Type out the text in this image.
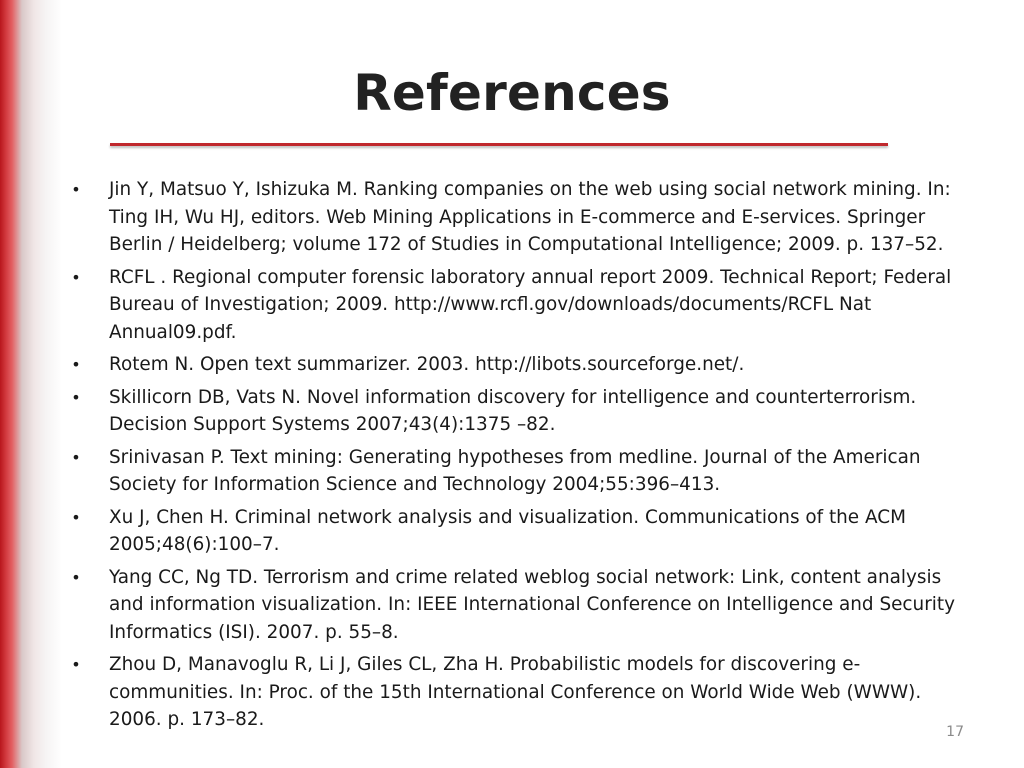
References
• Jin Y, Matsuo Y, Ishizuka M. Ranking companies on the web using social network mining. In: Ting IH, Wu HJ, editors. Web Mining Applications in E-commerce and E-services. Springer Berlin / Heidelberg; volume 172 of Studies in Computational Intelligence; 2009. p. 137–52.
• RCFL . Regional computer forensic laboratory annual report 2009. Technical Report; Federal Bureau of Investigation; 2009. http://www.rcfl.gov/downloads/documents/RCFL Nat Annual09.pdf.
• Rotem N. Open text summarizer. 2003. http://libots.sourceforge.net/.
• Skillicorn DB, Vats N. Novel information discovery for intelligence and counterterrorism. Decision Support Systems 2007;43(4):1375 –82.
• Srinivasan P. Text mining: Generating hypotheses from medline. Journal of the American Society for Information Science and Technology 2004;55:396–413.
• Xu J, Chen H. Criminal network analysis and visualization. Communications of the ACM 2005;48(6):100–7.
• Yang CC, Ng TD. Terrorism and crime related weblog social network: Link, content analysis and information visualization. In: IEEE International Conference on Intelligence and Security Informatics (ISI). 2007. p. 55–8.
• Zhou D, Manavoglu R, Li J, Giles CL, Zha H. Probabilistic models for discovering e-communities. In: Proc. of the 15th International Conference on World Wide Web (WWW). 2006. p. 173–82.
17
